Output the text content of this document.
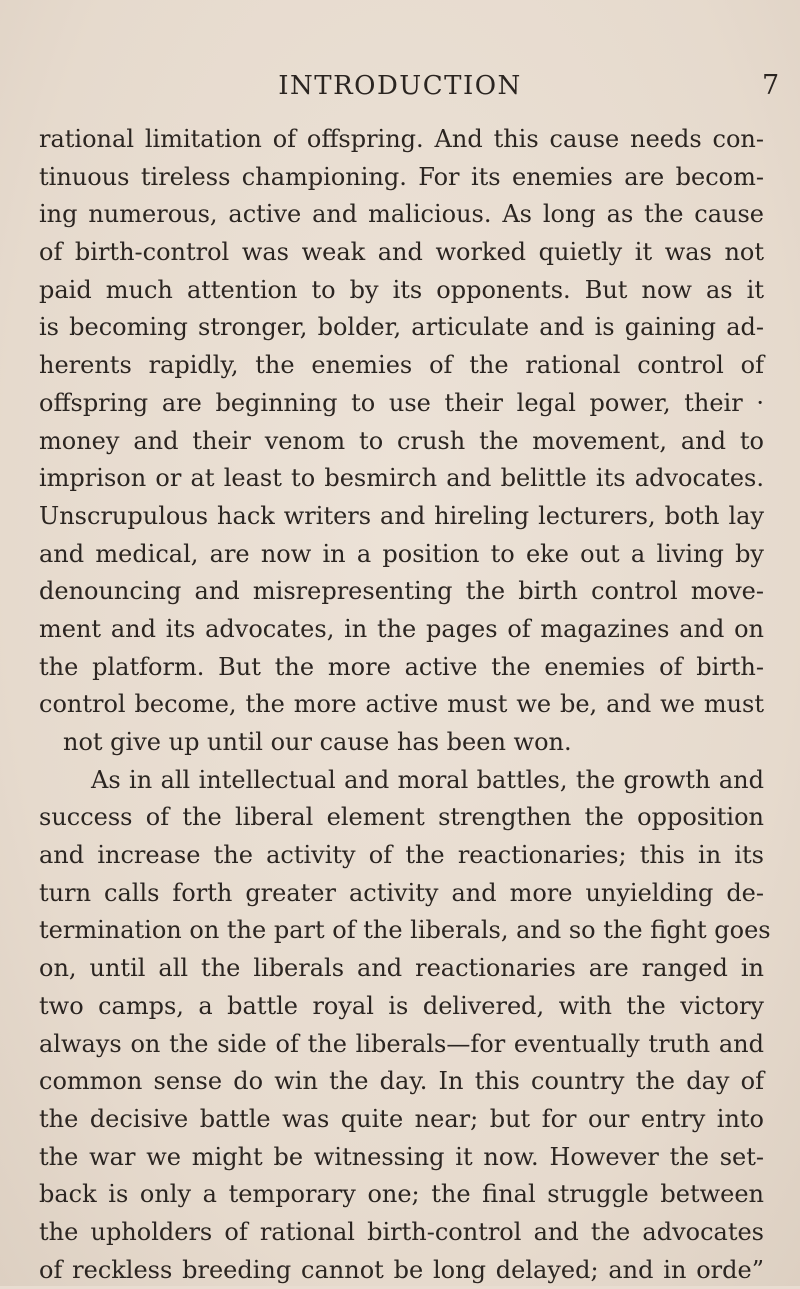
INTRODUCTION	7
rational limitation of offspring. And this cause needs con-
tinuous tireless championing. For its enemies are becom-
ing numerous, active and malicious. As long as the cause
of birth-control was weak and worked quietly it was not
paid much attention to by its opponents. But now as it
is becoming stronger, bolder, articulate and is gaining ad-
herents rapidly, the enemies of the rational control of
offspring are beginning to use their legal power, their ·
money and their venom to crush the movement, and to
imprison or at least to besmirch and belittle its advocates.
Unscrupulous hack writers and hireling lecturers, both lay
and medical, are now in a position to eke out a living by
denouncing and misrepresenting the birth control move-
ment and its advocates, in the pages of magazines and on
the platform. But the more active the enemies of birth-
control become, the more active must we be, and we must
not give up until our cause has been won.
As in all intellectual and moral battles, the growth and
success of the liberal element strengthen the opposition
and increase the activity of the reactionaries; this in its
turn calls forth greater activity and more unyielding de-
termination on the part of the liberals, and so the fight goes
on, until all the liberals and reactionaries are ranged in
two camps, a battle royal is delivered, with the victory
always on the side of the liberals—for eventually truth and
common sense do win the day. In this country the day of
the decisive battle was quite near; but for our entry into
the war we might be witnessing it now. However the set-
back is only a temporary one; the final struggle between
the upholders of rational birth-control and the advocates
of reckless breeding cannot be long delayed; and in orde”
